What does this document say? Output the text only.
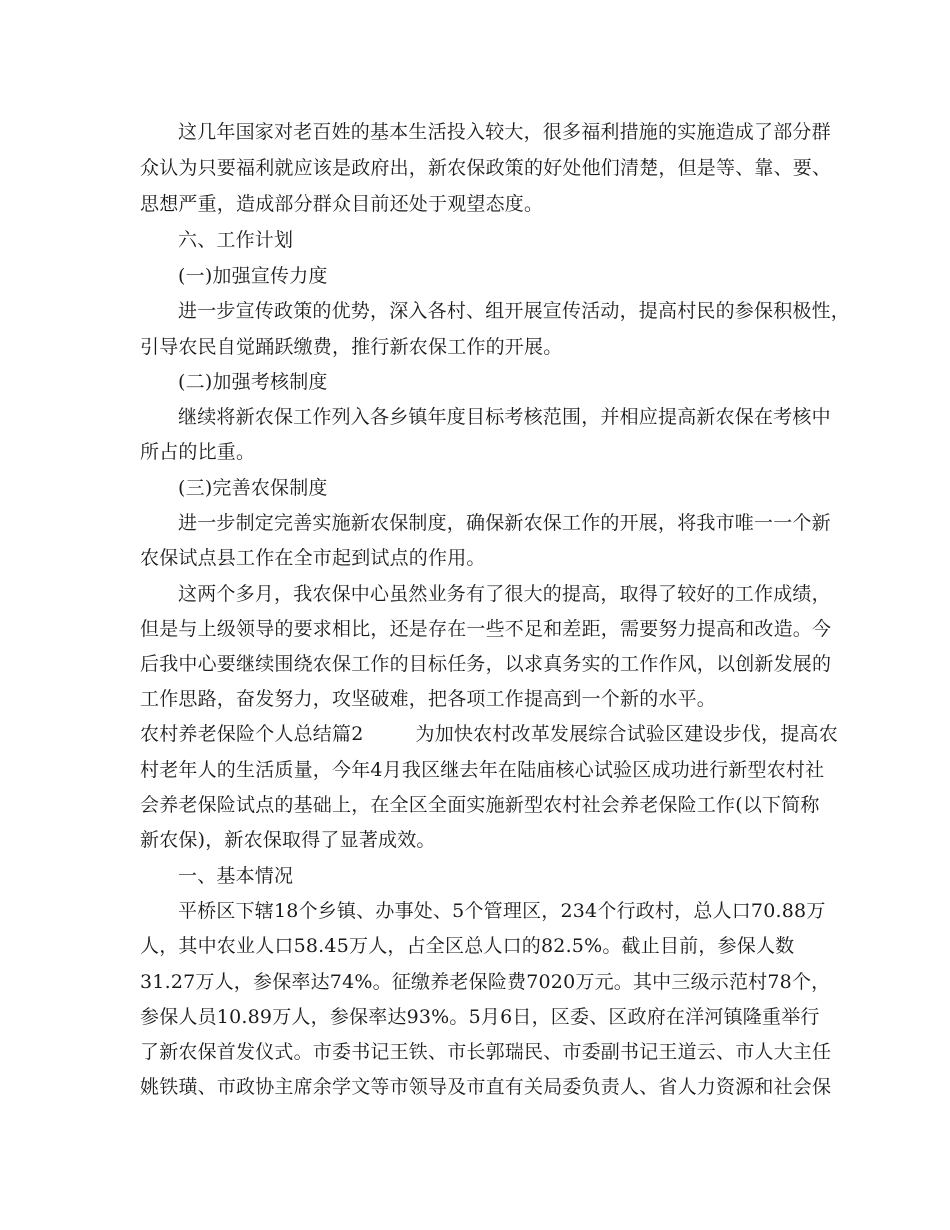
这几年国家对老百姓的基本生活投入较大，很多福利措施的实施造成了部分群
众认为只要福利就应该是政府出，新农保政策的好处他们清楚，但是等、靠、要、
思想严重，造成部分群众目前还处于观望态度。
六、工作计划
(一)加强宣传力度
进一步宣传政策的优势，深入各村、组开展宣传活动，提高村民的参保积极性，
引导农民自觉踊跃缴费，推行新农保工作的开展。
(二)加强考核制度
继续将新农保工作列入各乡镇年度目标考核范围，并相应提高新农保在考核中
所占的比重。
(三)完善农保制度
进一步制定完善实施新农保制度，确保新农保工作的开展，将我市唯一一个新
农保试点县工作在全市起到试点的作用。
这两个多月，我农保中心虽然业务有了很大的提高，取得了较好的工作成绩，
但是与上级领导的要求相比，还是存在一些不足和差距，需要努力提高和改造。今
后我中心要继续围绕农保工作的目标任务，以求真务实的工作作风，以创新发展的
工作思路，奋发努力，攻坚破难，把各项工作提高到一个新的水平。
农村养老保险个人总结篇2	为加快农村改革发展综合试验区建设步伐，提高农
村老年人的生活质量，今年4月我区继去年在陆庙核心试验区成功进行新型农村社
会养老保险试点的基础上，在全区全面实施新型农村社会养老保险工作(以下简称
新农保)，新农保取得了显著成效。
一、基本情况
平桥区下辖18个乡镇、办事处、5个管理区，234个行政村，总人口70.88万
人，其中农业人口58.45万人，占全区总人口的82.5%。截止目前，参保人数
31.27万人，参保率达74%。征缴养老保险费7020万元。其中三级示范村78个，
参保人员10.89万人，参保率达93%。5月6日，区委、区政府在洋河镇隆重举行
了新农保首发仪式。市委书记王铁、市长郭瑞民、市委副书记王道云、市人大主任
姚铁璜、市政协主席余学文等市领导及市直有关局委负责人、省人力资源和社会保
